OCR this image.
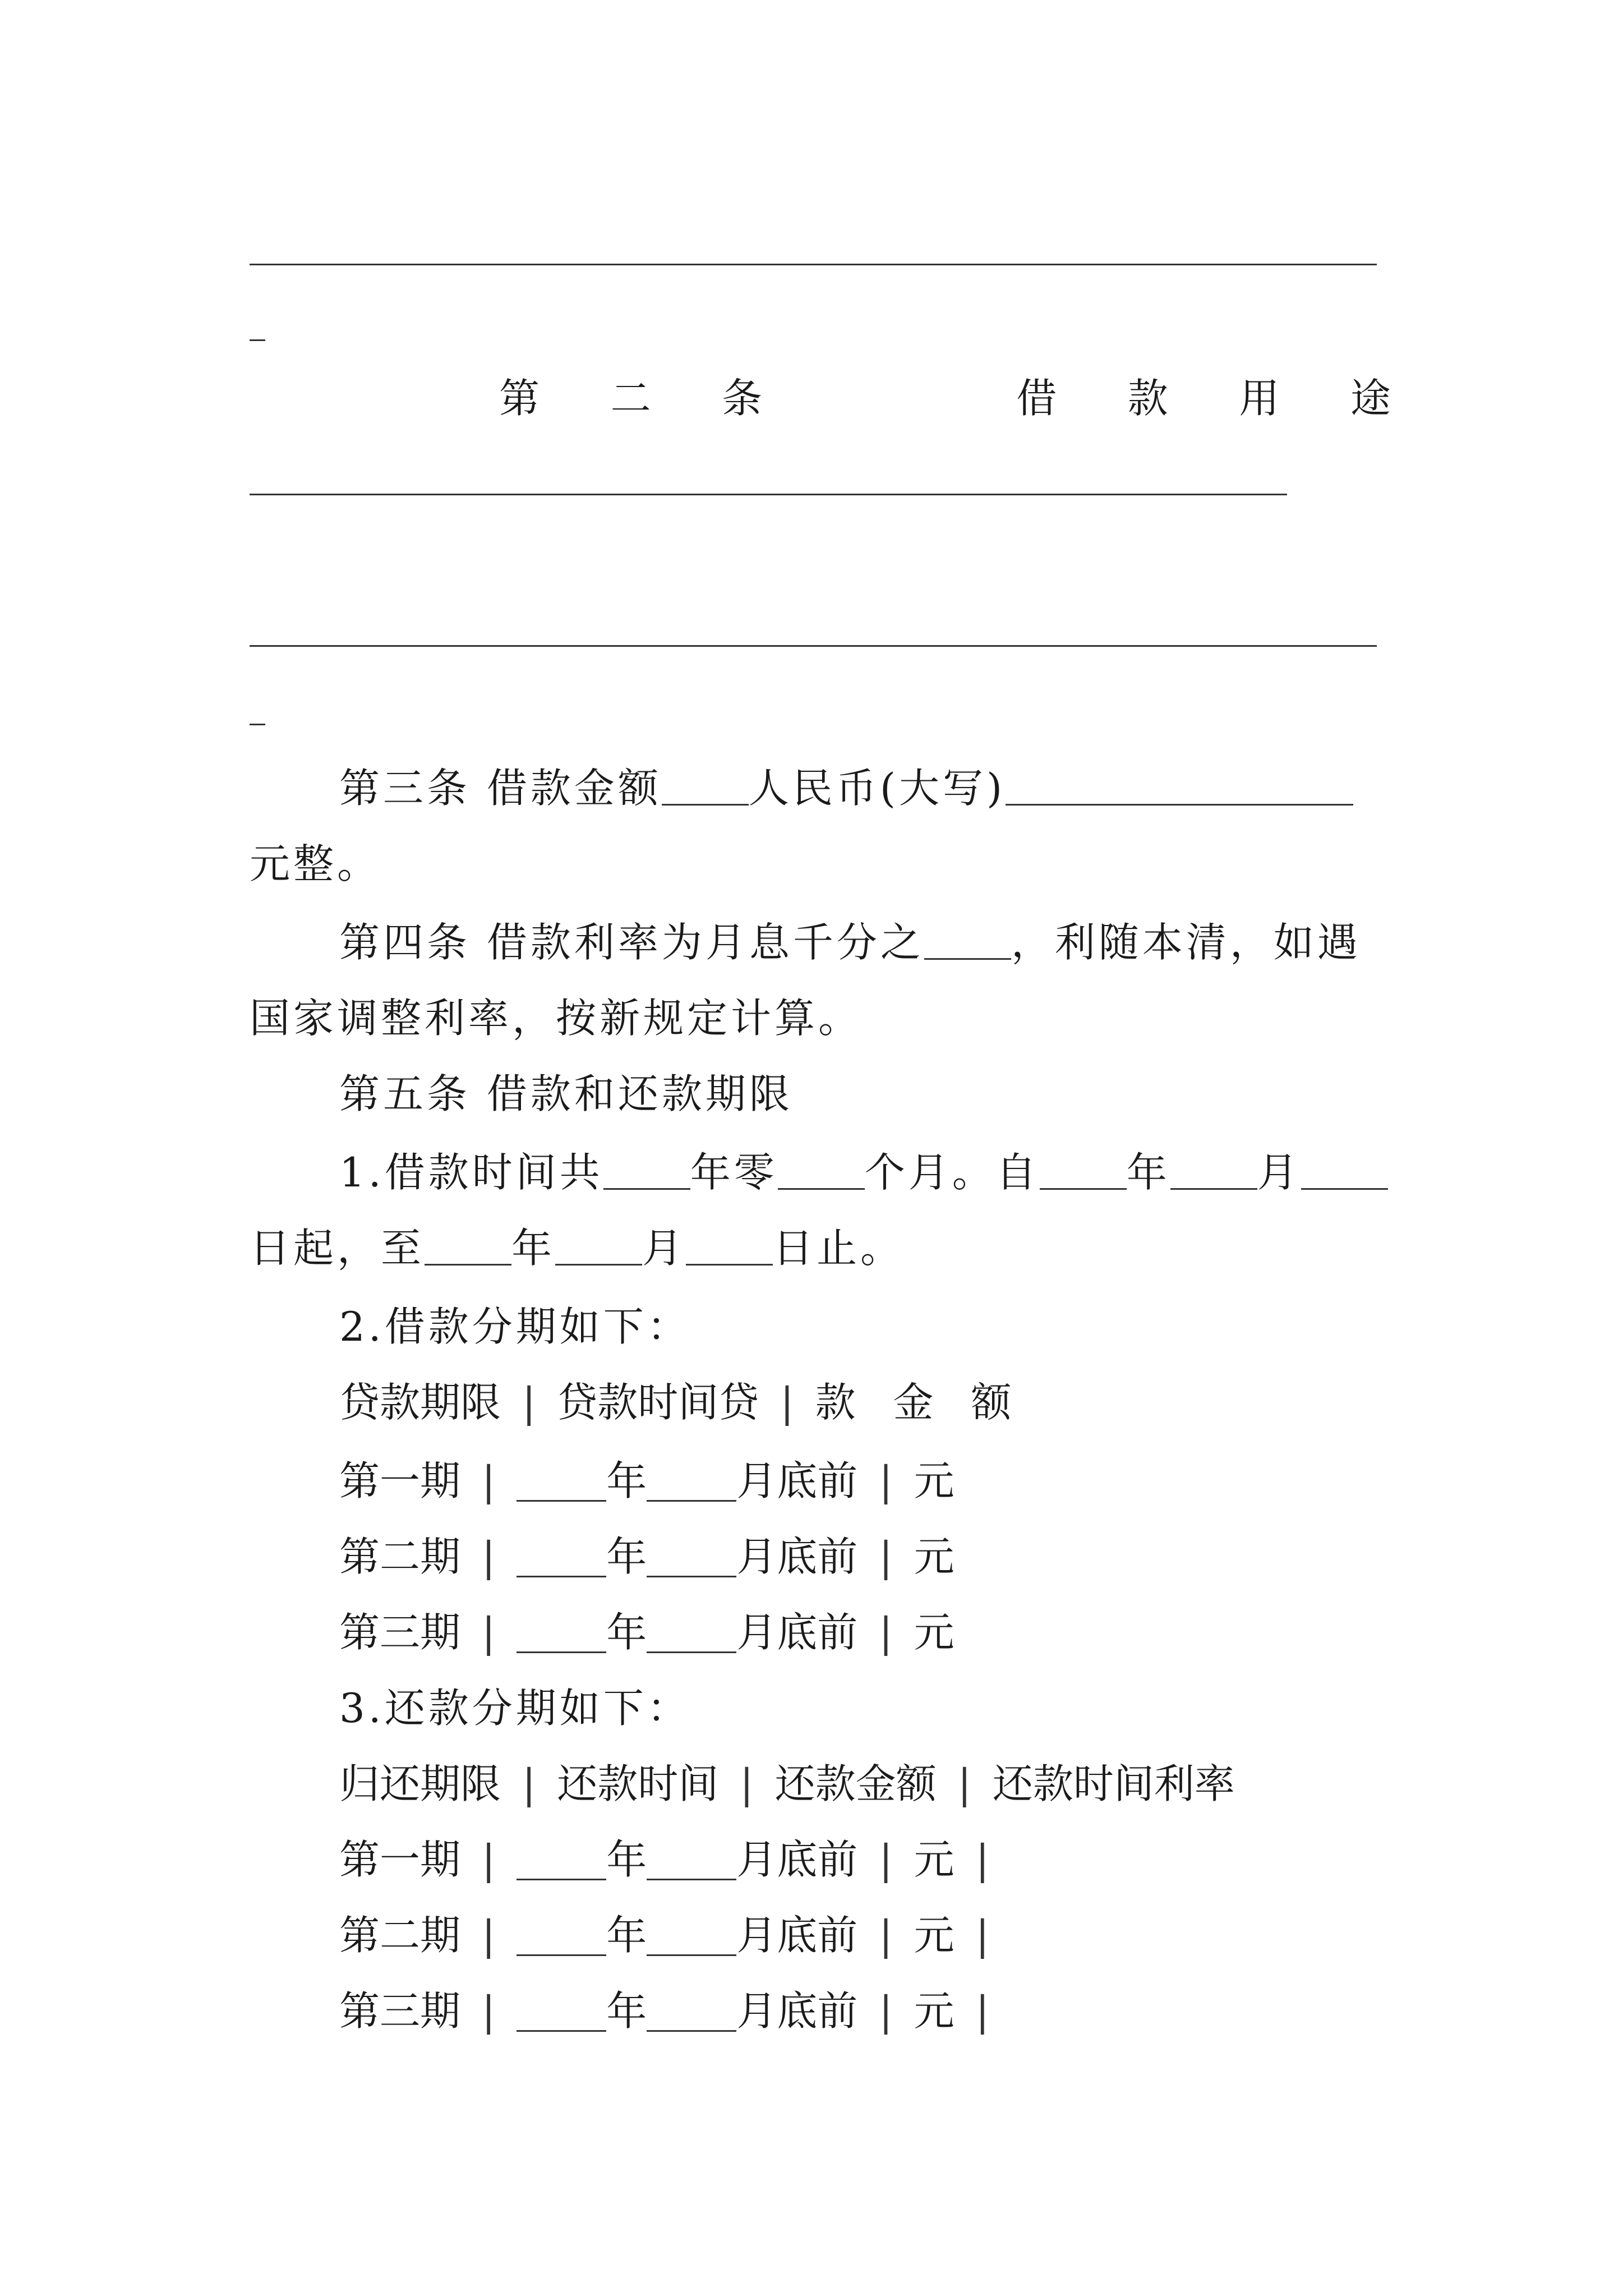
第 二 条	借 款 用 途
第三条 借款金额 人民币(大写)
元整。
第四条 借款利率为月息千分之 ，利随本清，如遇
国家调整利率，按新规定计算。
第五条 借款和还款期限
1.借款时间共 年零 个月。自 年 月
日起，至 年 月 日止。
2.借款分期如下：
贷款期限 | 贷款时间贷 | 款 金 额
第一期 |	年 月底前 | 元
第二期 |	年 月底前 | 元
第三期 |	年 月底前 | 元
3.还款分期如下：
归还期限 | 还款时间 | 还款金额 | 还款时间利率
第一期 |	年 月底前 | 元 |
第二期 |	年 月底前 | 元 |
第三期 |	年 月底前 | 元 |
